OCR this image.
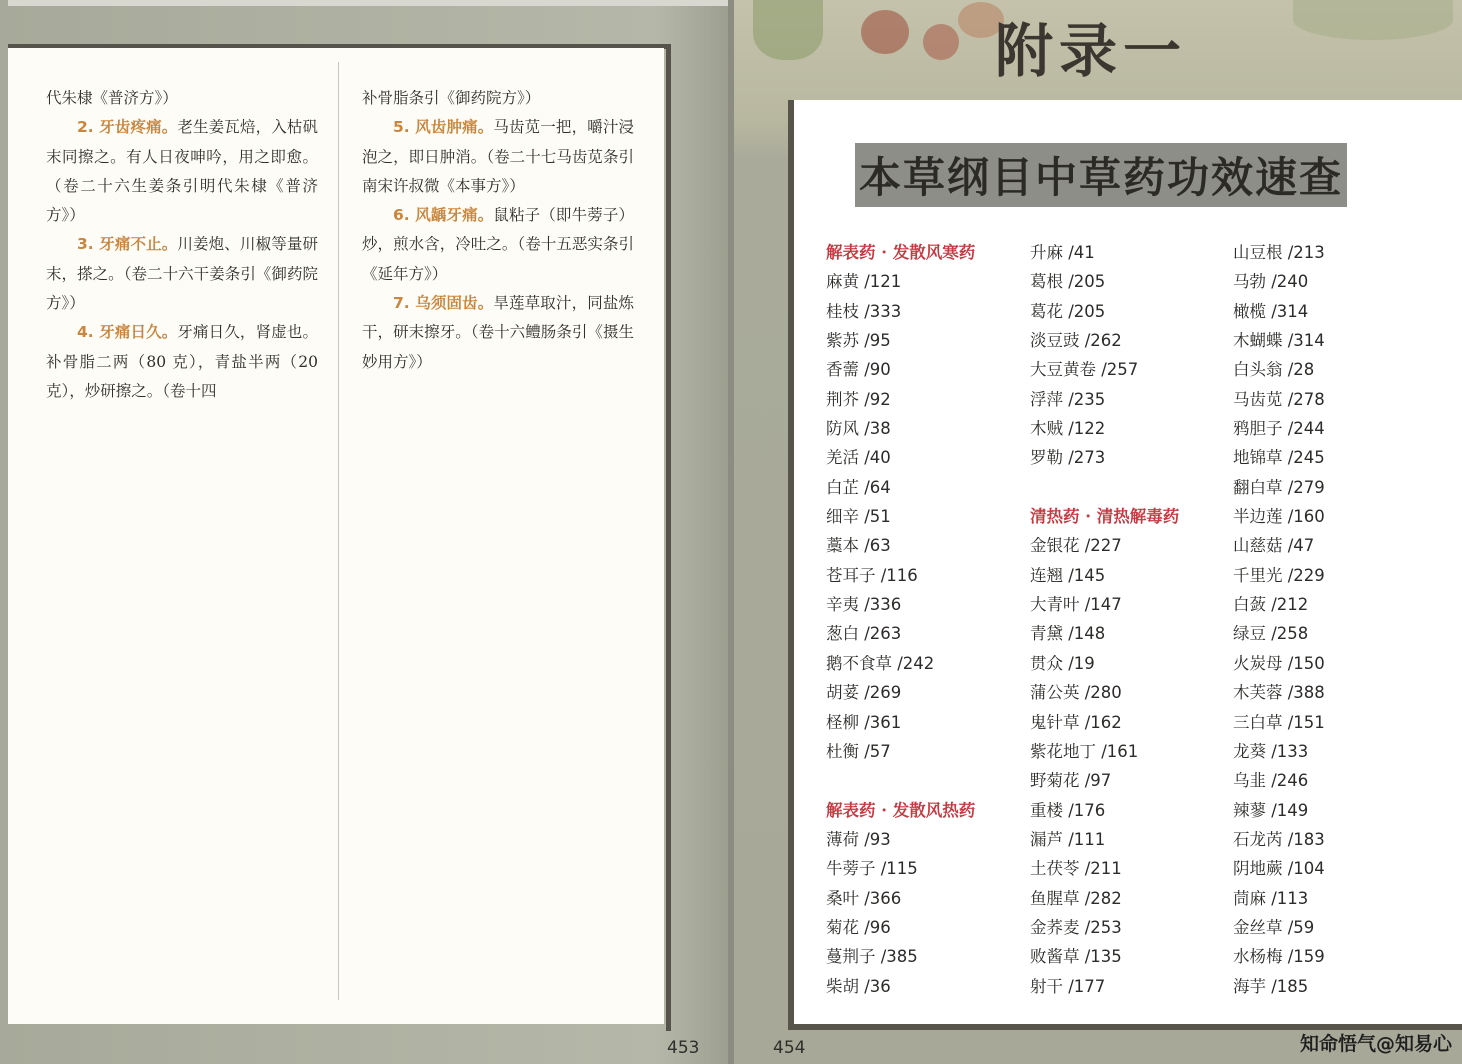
代朱棣《普济方》）

2. 牙齿疼痛。老生姜瓦焙，入枯矾末同擦之。有人日夜呻吟，用之即愈。（卷二十六生姜条引明代朱棣《普济方》）

3. 牙痛不止。川姜炮、川椒等量研末，搽之。（卷二十六干姜条引《御药院方》）

4. 牙痛日久。牙痛日久，肾虚也。补骨脂二两（80 克），青盐半两（20 克），炒研擦之。（卷十四

补骨脂条引《御药院方》）

5. 风齿肿痛。马齿苋一把，嚼汁浸泡之，即日肿消。（卷二十七马齿苋条引南宋许叔微《本事方》）

6. 风龋牙痛。鼠粘子（即牛蒡子）炒，煎水含，冷吐之。（卷十五恶实条引《延年方》）

7. 乌须固齿。旱莲草取汁，同盐炼干，研末擦牙。（卷十六鳢肠条引《摄生妙用方》）

453
附录一
本草纲目中草药功效速查
解表药 · 发散风寒药
麻黄 /121
桂枝 /333
紫苏 /95
香薷 /90
荆芥 /92
防风 /38
羌活 /40
白芷 /64
细辛 /51
藁本 /63
苍耳子 /116
辛夷 /336
葱白 /263
鹅不食草 /242
胡荽 /269
柽柳 /361
杜衡 /57
解表药 · 发散风热药
薄荷 /93
牛蒡子 /115
桑叶 /366
菊花 /96
蔓荆子 /385
柴胡 /36
升麻 /41
葛根 /205
葛花 /205
淡豆豉 /262
大豆黄卷 /257
浮萍 /235
木贼 /122
罗勒 /273
清热药 · 清热解毒药
金银花 /227
连翘 /145
大青叶 /147
青黛 /148
贯众 /19
蒲公英 /280
鬼针草 /162
紫花地丁 /161
野菊花 /97
重楼 /176
漏芦 /111
土茯苓 /211
鱼腥草 /282
金荞麦 /253
败酱草 /135
射干 /177
山豆根 /213
马勃 /240
橄榄 /314
木蝴蝶 /314
白头翁 /28
马齿苋 /278
鸦胆子 /244
地锦草 /245
翻白草 /279
半边莲 /160
山慈菇 /47
千里光 /229
白蔹 /212
绿豆 /258
火炭母 /150
木芙蓉 /388
三白草 /151
龙葵 /133
乌韭 /246
辣蓼 /149
石龙芮 /183
阴地蕨 /104
茼麻 /113
金丝草 /59
水杨梅 /159
海芋 /185
454	知命悟气@知易心
